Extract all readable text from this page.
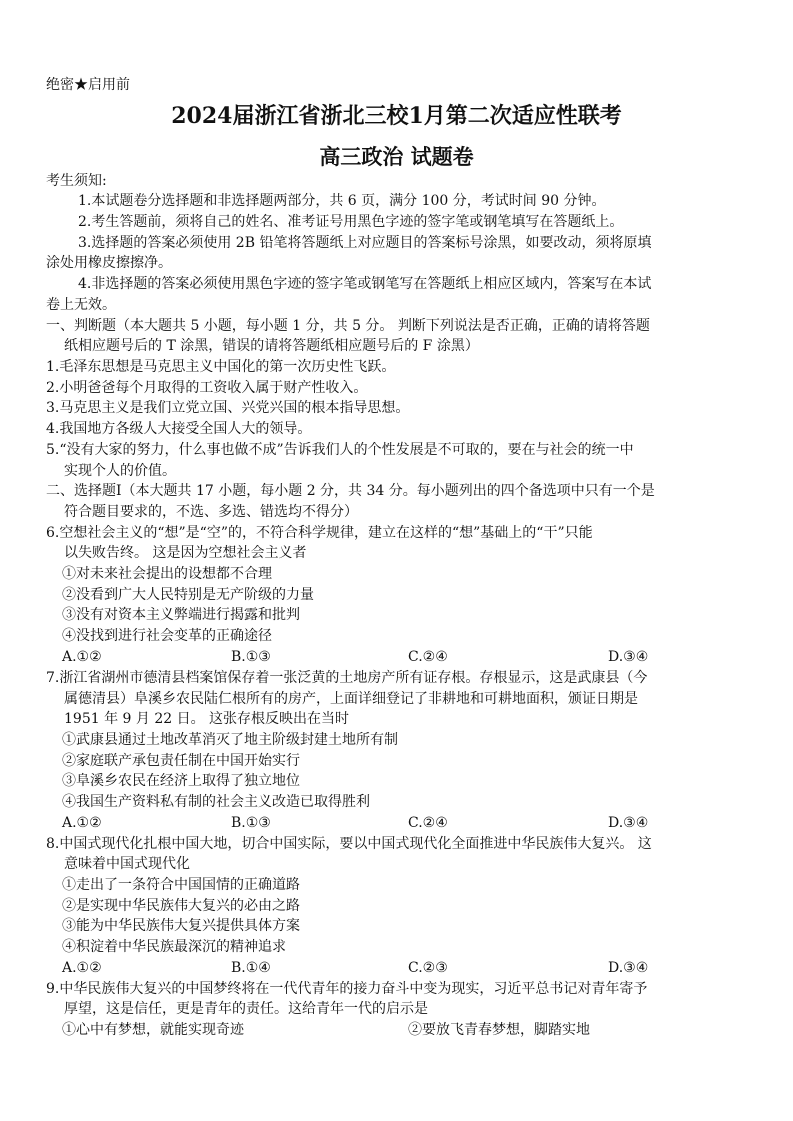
绝密★启用前
2024届浙江省浙北三校1月第二次适应性联考
高三政治 试题卷
考生须知:
1.本试题卷分选择题和非选择题两部分，共 6 页，满分 100 分，考试时间 90 分钟。
2.考生答题前，须将自己的姓名、准考证号用黑色字迹的签字笔或钢笔填写在答题纸上。
3.选择题的答案必须使用 2B 铅笔将答题纸上对应题目的答案标号涂黑，如要改动，须将原填
涂处用橡皮擦擦净。
4.非选择题的答案必须使用黑色字迹的签字笔或钢笔写在答题纸上相应区域内，答案写在本试
卷上无效。
一、判断题（本大题共 5 小题，每小题 1 分，共 5 分。 判断下列说法是否正确，正确的请将答题
纸相应题号后的 T 涂黑，错误的请将答题纸相应题号后的 F 涂黑）
1.毛泽东思想是马克思主义中国化的第一次历史性飞跃。
2.小明爸爸每个月取得的工资收入属于财产性收入。
3.马克思主义是我们立党立国、兴党兴国的根本指导思想。
4.我国地方各级人大接受全国人大的领导。
5.“没有大家的努力，什么事也做不成”告诉我们人的个性发展是不可取的，要在与社会的统一中
实现个人的价值。
二、选择题Ⅰ（本大题共 17 小题，每小题 2 分，共 34 分。每小题列出的四个备选项中只有一个是
符合题目要求的，不选、多选、错选均不得分）
6.空想社会主义的“想”是“空”的，不符合科学规律，建立在这样的“想”基础上的“干”只能
以失败告终。 这是因为空想社会主义者
①对未来社会提出的设想都不合理
②没看到广大人民特别是无产阶级的力量
③没有对资本主义弊端进行揭露和批判
④没找到进行社会变革的正确途径
A.①②	B.①③	C.②④	D.③④
7.浙江省湖州市德清县档案馆保存着一张泛黄的土地房产所有证存根。存根显示，这是武康县（今
属德清县）阜溪乡农民陆仁根所有的房产，上面详细登记了非耕地和可耕地面积，颁证日期是
1951 年 9 月 22 日。 这张存根反映出在当时
①武康县通过土地改革消灭了地主阶级封建土地所有制
②家庭联产承包责任制在中国开始实行
③阜溪乡农民在经济上取得了独立地位
④我国生产资料私有制的社会主义改造已取得胜利
A.①②	B.①③	C.②④	D.③④
8.中国式现代化扎根中国大地，切合中国实际，要以中国式现代化全面推进中华民族伟大复兴。 这
意味着中国式现代化
①走出了一条符合中国国情的正确道路
②是实现中华民族伟大复兴的必由之路
③能为中华民族伟大复兴提供具体方案
④积淀着中华民族最深沉的精神追求
A.①②	B.①④	C.②③	D.③④
9.中华民族伟大复兴的中国梦终将在一代代青年的接力奋斗中变为现实，习近平总书记对青年寄予
厚望，这是信任，更是青年的责任。这给青年一代的启示是
①心中有梦想，就能实现奇迹	②要放飞青春梦想，脚踏实地
